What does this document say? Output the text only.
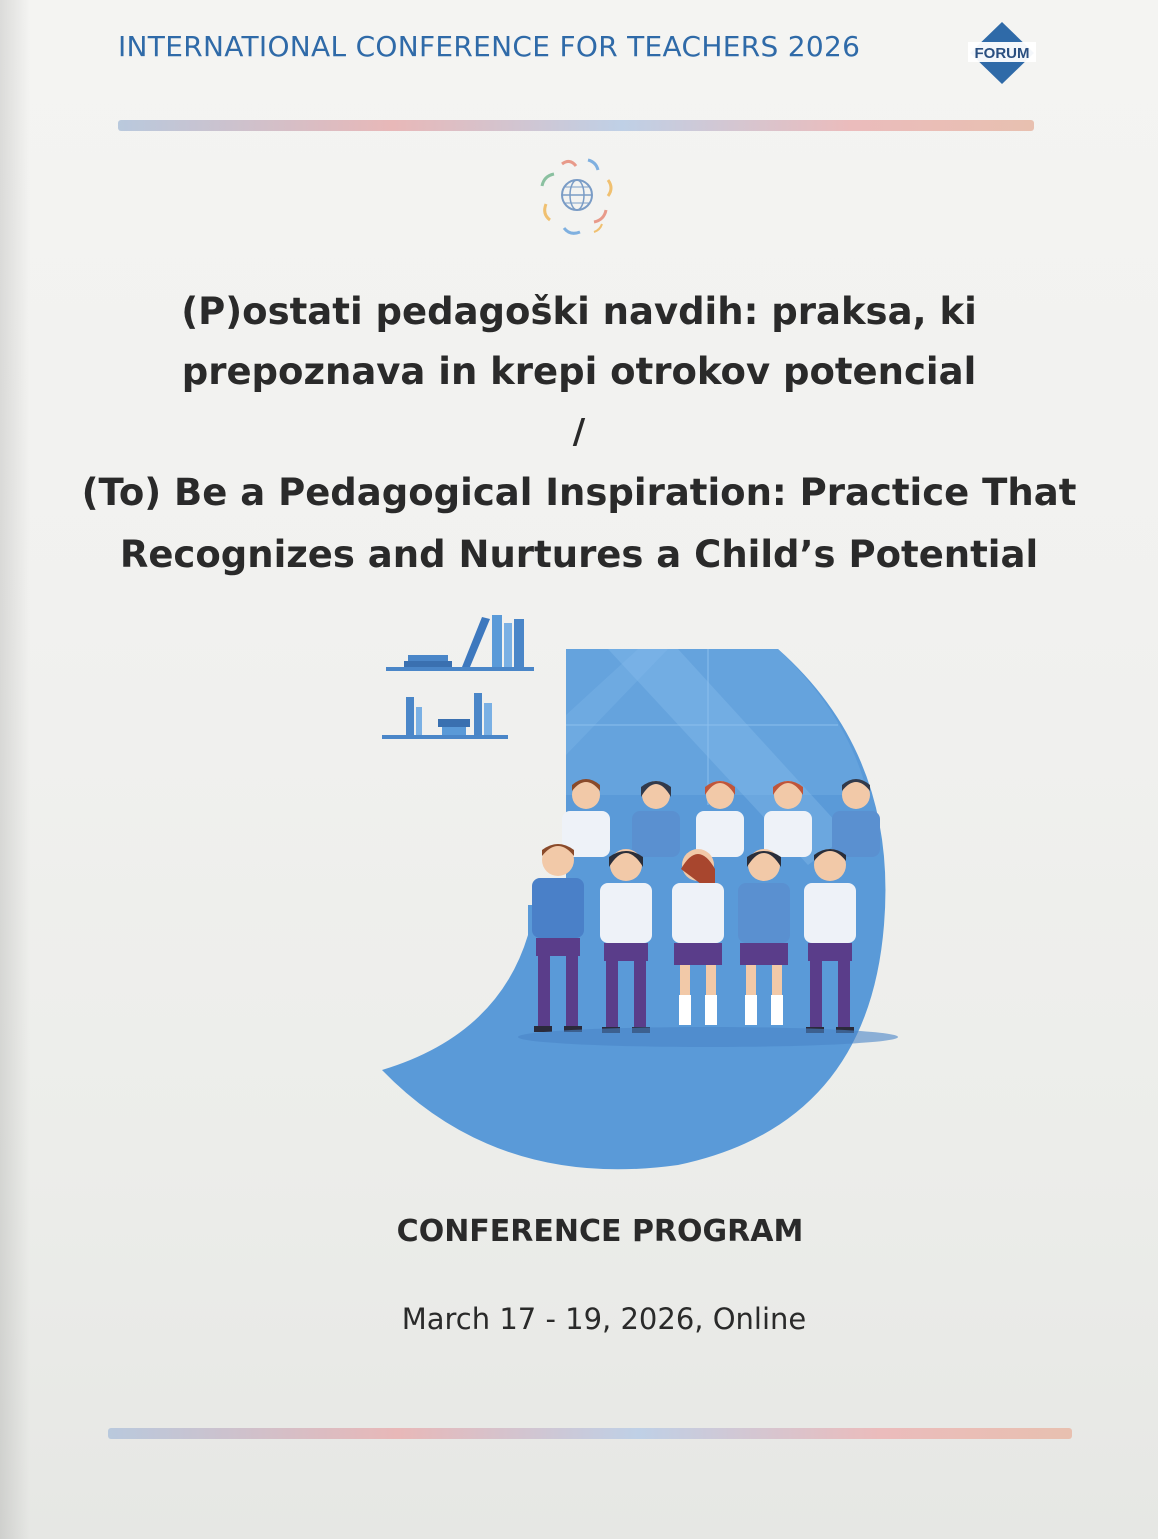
INTERNATIONAL CONFERENCE FOR TEACHERS 2026	FORUM
(P)ostati pedagoški navdih: praksa, ki
prepoznava in krepi otrokov potencial
/
(To) Be a Pedagogical Inspiration: Practice That
Recognizes and Nurtures a Child’s Potential
CONFERENCE PROGRAM
March 17 - 19, 2026, Online
